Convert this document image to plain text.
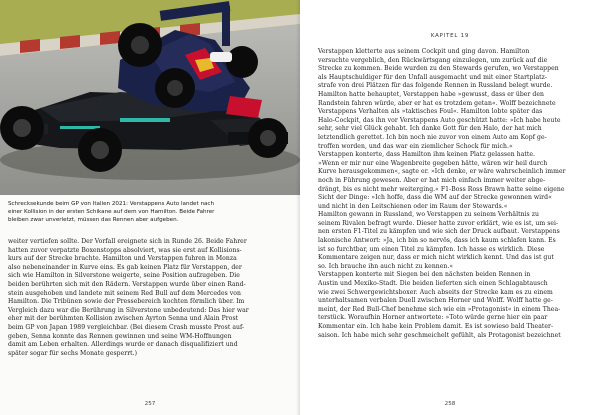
Schrecksekunde beim GP von Italien 2021: Verstappens Auto landet nach

einer Kollision in der ersten Schikane auf dem von Hamilton. Beide Fahrer

bleiben zwar unverletzt, müssen das Rennen aber aufgeben.

weiter vertiefen sollte. Der Vorfall ereignete sich in Runde 26. Beide Fahrer

hatten zuvor verpatzte Boxenstopps absolviert, was sie erst auf Kollisions-

kurs auf der Strecke brachte. Hamilton und Verstappen fuhren in Monza

also nebeneinander in Kurve eins. Es gab keinen Platz für Verstappen, der

sich wie Hamilton in Silverstone weigerte, seine Position aufzugeben. Die

beiden berührten sich mit den Rädern. Verstappen wurde über einen Rand-

stein ausgehoben und landete mit seinem Red Bull auf dem Mercedes von

Hamilton. Die Tribünen sowie der Pressebereich kochten förmlich über. Im

Vergleich dazu war die Berührung in Silverstone unbedeutend: Das hier war

eher mit der berühmten Kollision zwischen Ayrton Senna und Alain Prost

beim GP von Japan 1989 vergleichbar. (Bei diesem Crash musste Prost auf-

geben, Senna konnte das Rennen gewinnen und seine WM-Hoffnungen

damit am Leben erhalten. Allerdings wurde er danach disqualifiziert und

später sogar für sechs Monate gesperrt.)

257
KAPITEL 19

Verstappen kletterte aus seinem Cockpit und ging davon. Hamilton

versuchte vergeblich, den Rückwärtsgang einzulegen, um zurück auf die

Strecke zu kommen. Beide wurden zu den Stewards gerufen, wo Verstappen

als Hauptschuldiger für den Unfall ausgemacht und mit einer Startplatz-

strafe von drei Plätzen für das folgende Rennen in Russland belegt wurde.

Hamilton hatte behauptet, Verstappen habe »gewusst, dass er über den

Randstein fahren würde, aber er hat es trotzdem getan«. Wolff bezeichnete

Verstappens Verhalten als »taktisches Foul«. Hamilton lobte später das

Halo-Cockpit, das ihn vor Verstappens Auto geschützt hatte: »Ich habe heute

sehr, sehr viel Glück gehabt. Ich danke Gott für den Halo, der hat mich

letztendlich gerettet. Ich bin noch nie zuvor von einem Auto am Kopf ge-

troffen worden, und das war ein ziemlicher Schock für mich.«

Verstappen konterte, dass Hamilton ihm keinen Platz gelassen hatte.

»Wenn er mir nur eine Wagenbreite gegeben hätte, wären wir heil durch

Kurve herausgekommen«, sagte er. »Ich denke, er wäre wahrscheinlich immer

noch in Führung gewesen. Aber er hat mich einfach immer weiter abge-

drängt, bis es nicht mehr weiterging.« F1-Boss Ross Brawn hatte seine eigene

Sicht der Dinge: »Ich hoffe, dass die WM auf der Strecke gewonnen wird«

und nicht in den Leitschienen oder im Raum der Stewards.«

Hamilton gewann in Russland, wo Verstappen zu seinem Verhältnis zu

seinem Rivalen befragt wurde. Dieser hatte zuvor erklärt, wie es ist, um sei-

nen ersten F1-Titel zu kämpfen und wie sich der Druck aufbaut. Verstappens

lakonische Antwort: »Ja, ich bin so nervös, dass ich kaum schlafen kann. Es

ist so furchtbar, um einen Titel zu kämpfen. Ich hasse es wirklich. Diese

Kommentare zeigen nur, dass er mich nicht wirklich kennt. Und das ist gut

so. Ich brauche ihn auch nicht zu kennen.«

Verstappen konterte mit Siegen bei den nächsten beiden Rennen in

Austin und Mexiko-Stadt. Die beiden lieferten sich einen Schlagabtausch

wie zwei Schwergewichtsboxer. Auch abseits der Strecke kam es zu einem

unterhaltsamen verbalen Duell zwischen Horner und Wolff. Wolff hatte ge-

meint, der Red Bull-Chef benehme sich wie ein »Protagonist« in einem Thea-

terstück. Woraufhin Horner antwortete: »Toto würde gerne hier ein paar

Kommentar ein. Ich habe kein Problem damit. Es ist sowieso bald Theater-

saison. Ich habe mich sehr geschmeichelt gefühlt, als Protagonist bezeichnet

258
